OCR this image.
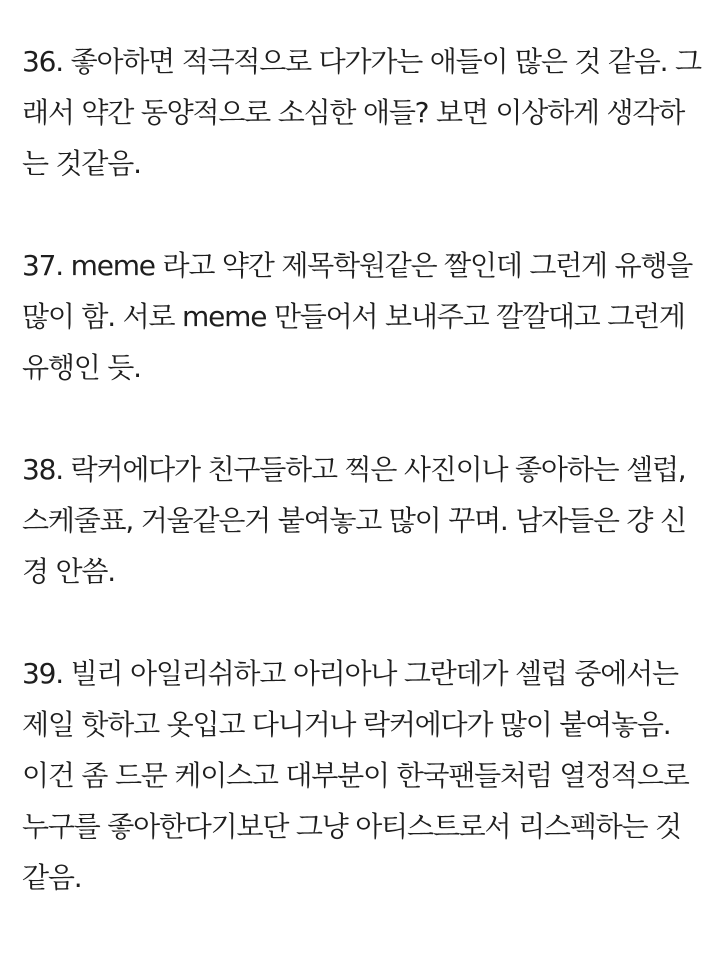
36. 좋아하면 적극적으로 다가가는 애들이 많은 것 같음. 그
래서 약간 동양적으로 소심한 애들? 보면 이상하게 생각하
는 것같음.

37. meme 라고 약간 제목학원같은 짤인데 그런게 유행을
많이 함. 서로 meme 만들어서 보내주고 깔깔대고 그런게
유행인 듯.

38. 락커에다가 친구들하고 찍은 사진이나 좋아하는 셀럽,
스케줄표, 거울같은거 붙여놓고 많이 꾸며. 남자들은 걍 신
경 안씀.

39. 빌리 아일리쉬하고 아리아나 그란데가 셀럽 중에서는
제일 핫하고 옷입고 다니거나 락커에다가 많이 붙여놓음.
이건 좀 드문 케이스고 대부분이 한국팬들처럼 열정적으로
누구를 좋아한다기보단 그냥 아티스트로서 리스펙하는 것
같음.
